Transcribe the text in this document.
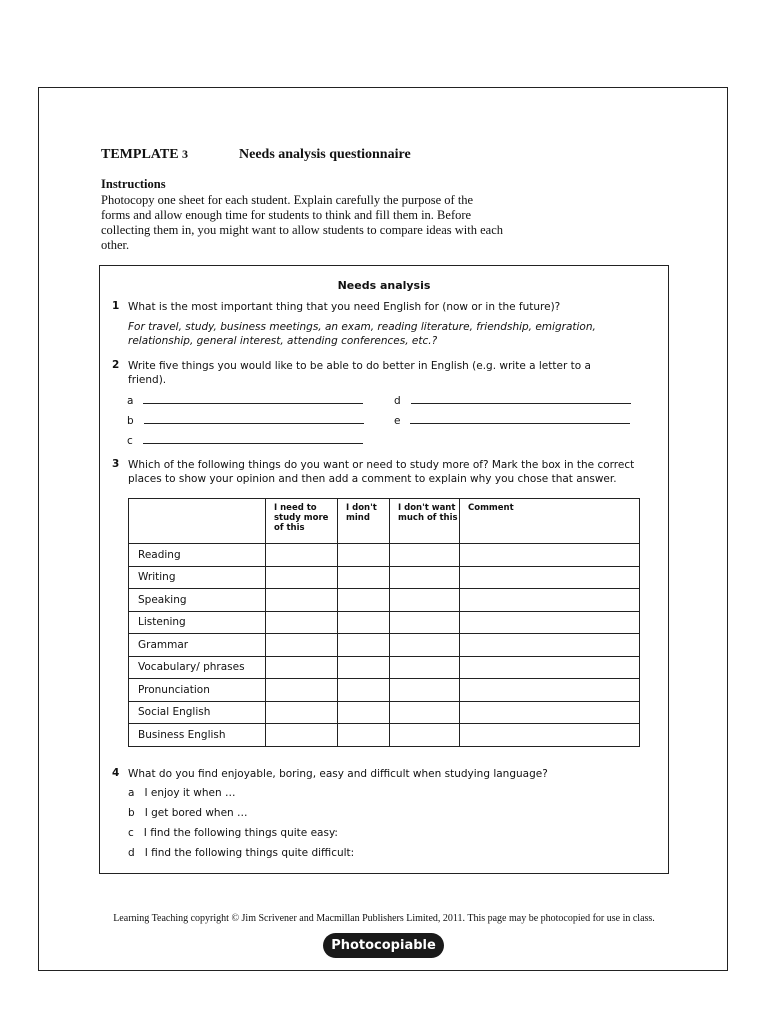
TEMPLATE 3	Needs analysis questionnaire
Instructions
Photocopy one sheet for each student. Explain carefully the purpose of the
forms and allow enough time for students to think and fill them in. Before
collecting them in, you might want to allow students to compare ideas with each
other.
Needs analysis
1 What is the most important thing that you need English for (now or in the future)?
For travel, study, business meetings, an exam, reading literature, friendship, emigration,
relationship, general interest, attending conferences, etc.?
2 Write five things you would like to be able to do better in English (e.g. write a letter to a
friend).
a
b
c
d
e
3 Which of the following things do you want or need to study more of? Mark the box in the correct
places to show your opinion and then add a comment to explain why you chose that answer.
	I need to study more of this	I don't mind	I don't want much of this	Comment
Reading				
Writing				
Speaking				
Listening				
Grammar				
Vocabulary/ phrases				
Pronunciation				
Social English				
Business English				
4 What do you find enjoyable, boring, easy and difficult when studying language?
a I enjoy it when …
b I get bored when …
c I find the following things quite easy:
d I find the following things quite difficult:
Learning Teaching copyright © Jim Scrivener and Macmillan Publishers Limited, 2011. This page may be photocopied for use in class.
Photocopiable
